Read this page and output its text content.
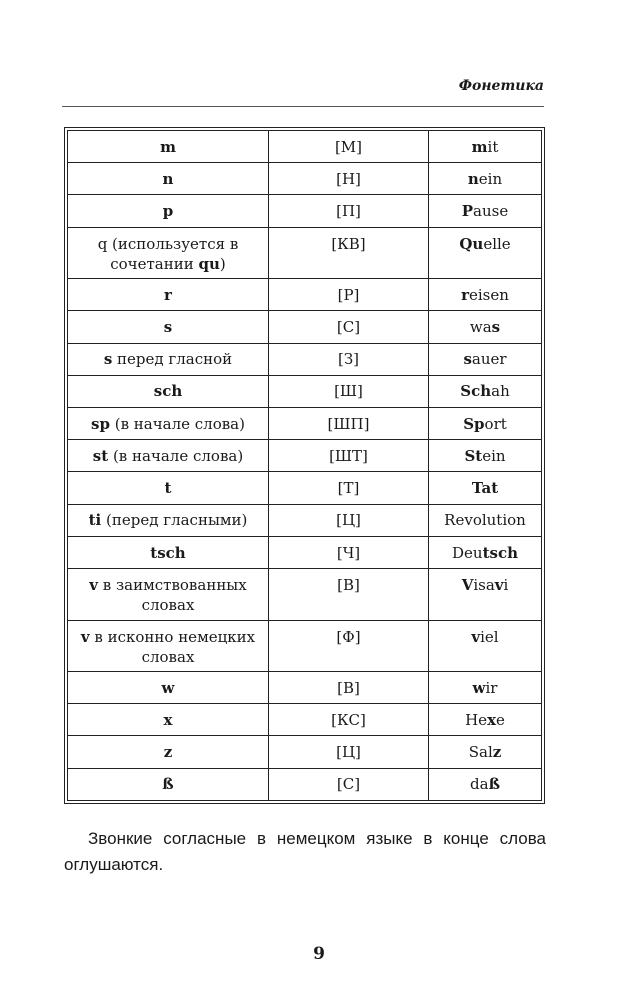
Фонетика
m	[М]	mit
n	[Н]	nein
p	[П]	Pause
q (используется в сочетании qu)	[КВ]	Quelle
r	[Р]	reisen
s	[С]	was
s перед гласной	[З]	sauer
sch	[Ш]	Schah
sp (в начале слова)	[ШП]	Sport
st (в начале слова)	[ШТ]	Stein
t	[Т]	Tat
ti (перед гласными)	[Ц]	Revolution
tsch	[Ч]	Deutsch
v в заимствованных словах	[В]	Visavi
v в исконно немецких словах	[Ф]	viel
w	[В]	wir
x	[КС]	Hexe
z	[Ц]	Salz
ß	[С]	daß
Звонкие согласные в немецком языке в конце слова оглушаются.
9
